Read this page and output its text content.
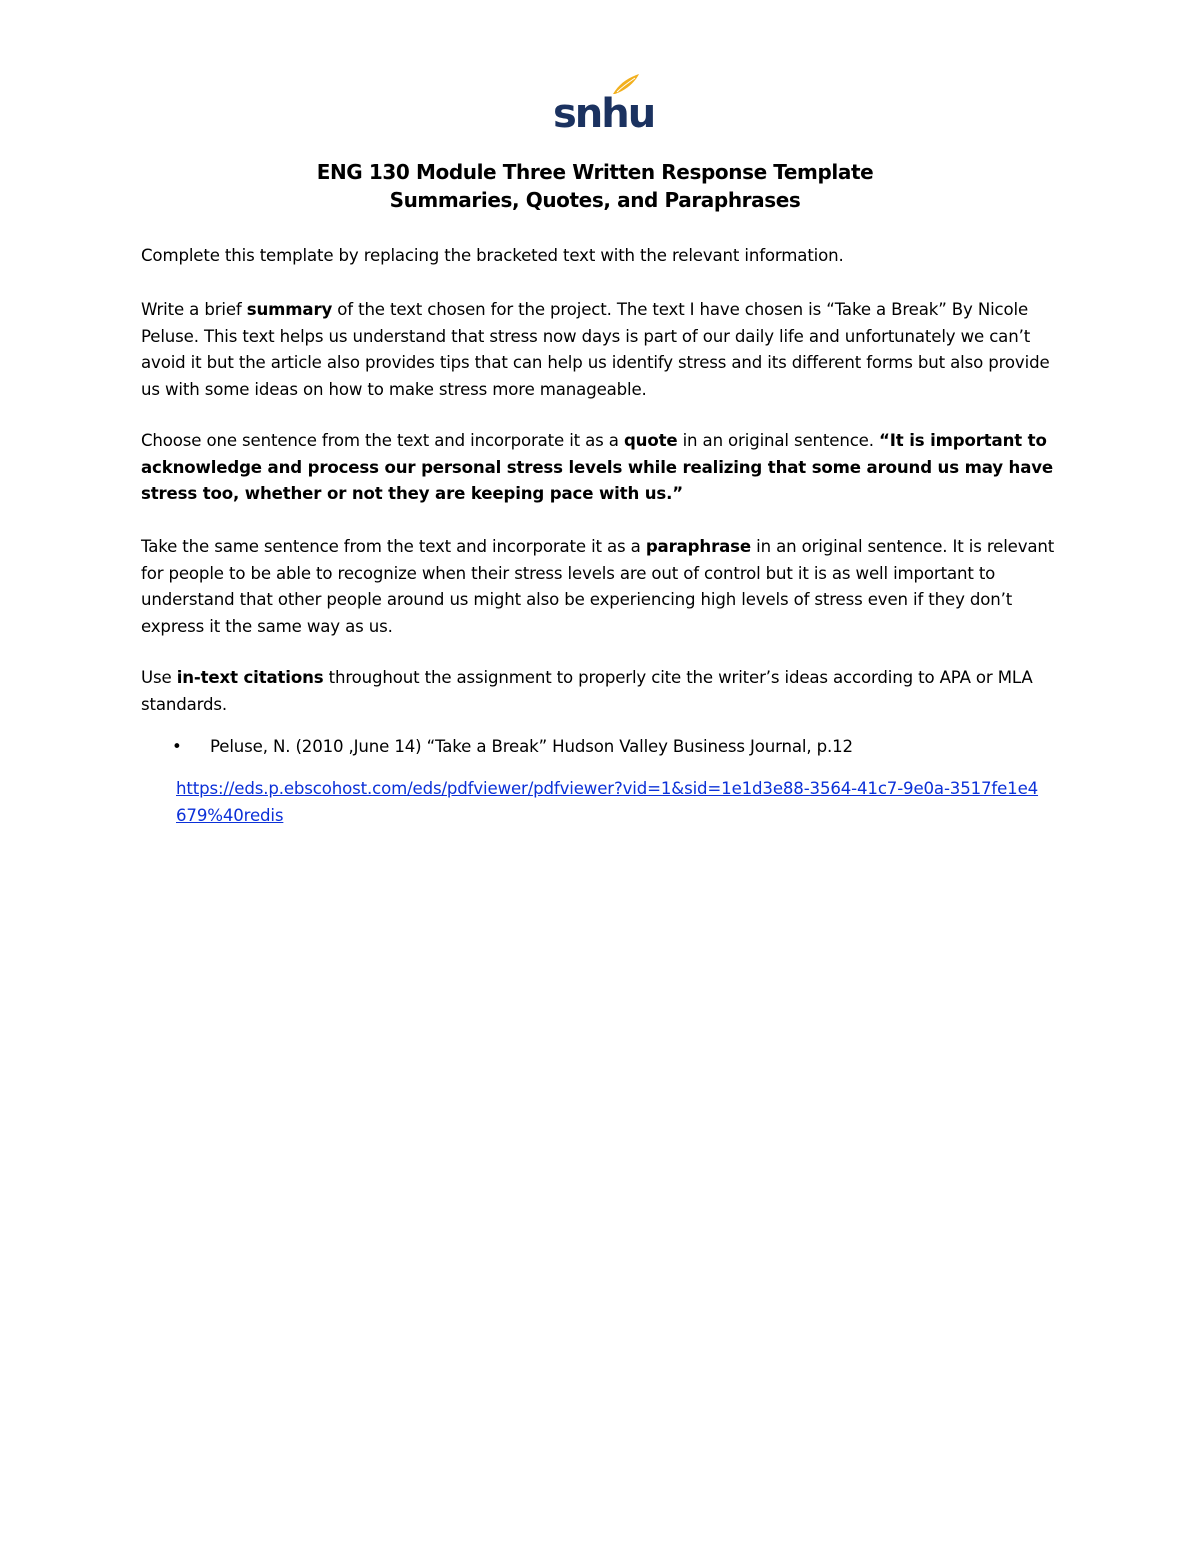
snhu
ENG 130 Module Three Written Response Template
Summaries, Quotes, and Paraphrases

Complete this template by replacing the bracketed text with the relevant information.

Write a brief summary of the text chosen for the project. The text I have chosen is “Take a Break” By Nicole Peluse. This text helps us understand that stress now days is part of our daily life and unfortunately we can’t avoid it but the article also provides tips that can help us identify stress and its different forms but also provide us with some ideas on how to make stress more manageable.

Choose one sentence from the text and incorporate it as a quote in an original sentence. “It is important to acknowledge and process our personal stress levels while realizing that some around us may have stress too, whether or not they are keeping pace with us.”

Take the same sentence from the text and incorporate it as a paraphrase in an original sentence. It is relevant for people to be able to recognize when their stress levels are out of control but it is as well important to understand that other people around us might also be experiencing high levels of stress even if they don’t express it the same way as us.

Use in-text citations throughout the assignment to properly cite the writer’s ideas according to APA or MLA standards.

• Peluse, N. (2010 ,June 14) “Take a Break” Hudson Valley Business Journal, p.12
https://eds.p.ebscohost.com/eds/pdfviewer/pdfviewer?vid=1&sid=1e1d3e88-3564-41c7-9e0a-3517fe1e4679%40redis
